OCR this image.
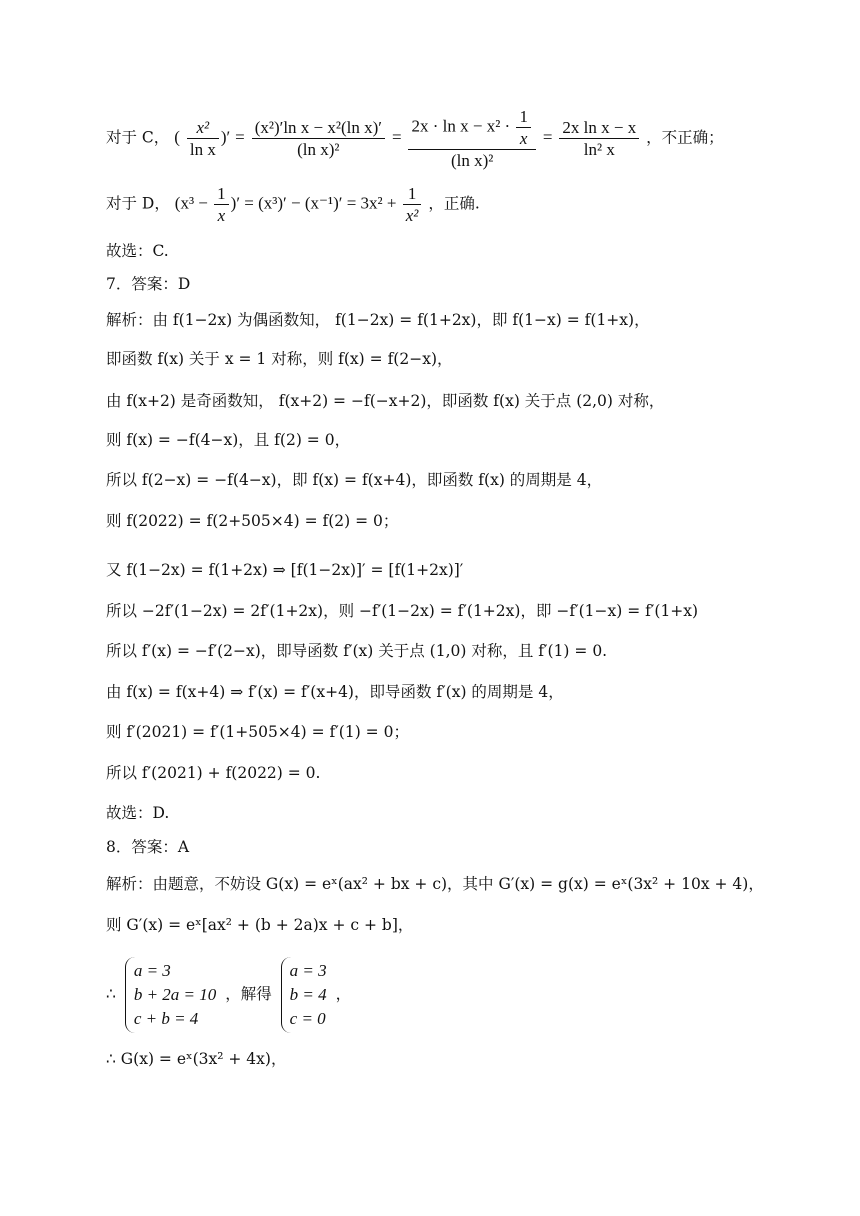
对于 C， ( $\frac{\text{x²}}{\text{ln x}}$ )′ = $\frac{\text{(x²)′ln x − x²(ln x)′}}{\text{(ln x)²}} = \frac{2x \cdot \ln x - x^2 \cdot \frac{1}{x}}{\text{(ln x)²}} = \frac{\text{2x ln x − x}}{\text{ln² x}}$ ，不正确；
对于 D， ($x^3 - \frac{1}{x}$ )′ = $(x^3)' - (x^{-1})' = 3x^2 + \frac{1}{\text{x²}}$ ，正确.
故选：C.
7．答案：D
解析：由 f(1−2x) 为偶函数知， f(1−2x) = f(1+2x)，即 f(1−x) = f(1+x)，
即函数 f(x) 关于 x = 1 对称，则 f(x) = f(2−x)，
由 f(x+2) 是奇函数知， f(x+2) = −f(−x+2)，即函数 f(x) 关于点 (2,0) 对称，
则 f(x) = −f(4−x)，且 f(2) = 0，
所以 f(2−x) = −f(4−x)，即 f(x) = f(x+4)，即函数 f(x) 的周期是 4，
则 f(2022) = f(2+505×4) = f(2) = 0；
又 f(1−2x) = f(1+2x) ⇒ [f(1−2x)]′ = [f(1+2x)]′
所以 −2f′(1−2x) = 2f′(1+2x)，则 −f′(1−2x) = f′(1+2x)，即 −f′(1−x) = f′(1+x)
所以 f′(x) = −f′(2−x)，即导函数 f′(x) 关于点 (1,0) 对称，且 f′(1) = 0.
由 f(x) = f(x+4) ⇒ f′(x) = f′(x+4)，即导函数 f′(x) 的周期是 4，
则 f′(2021) = f′(1+505×4) = f′(1) = 0；
所以 f′(2021) + f(2022) = 0.
故选：D.
8．答案：A
解析：由题意，不妨设 G(x) = eˣ(ax² + bx + c)，其中 G′(x) = g(x) = eˣ(3x² + 10x + 4)，
则 G′(x) = eˣ[ax² + (b + 2a)x + c + b]，
∴
a = 3
b + 2a = 10
c + b = 4
，解得
a = 3
b = 4
c = 0
，
∴ G(x) = eˣ(3x² + 4x)，
